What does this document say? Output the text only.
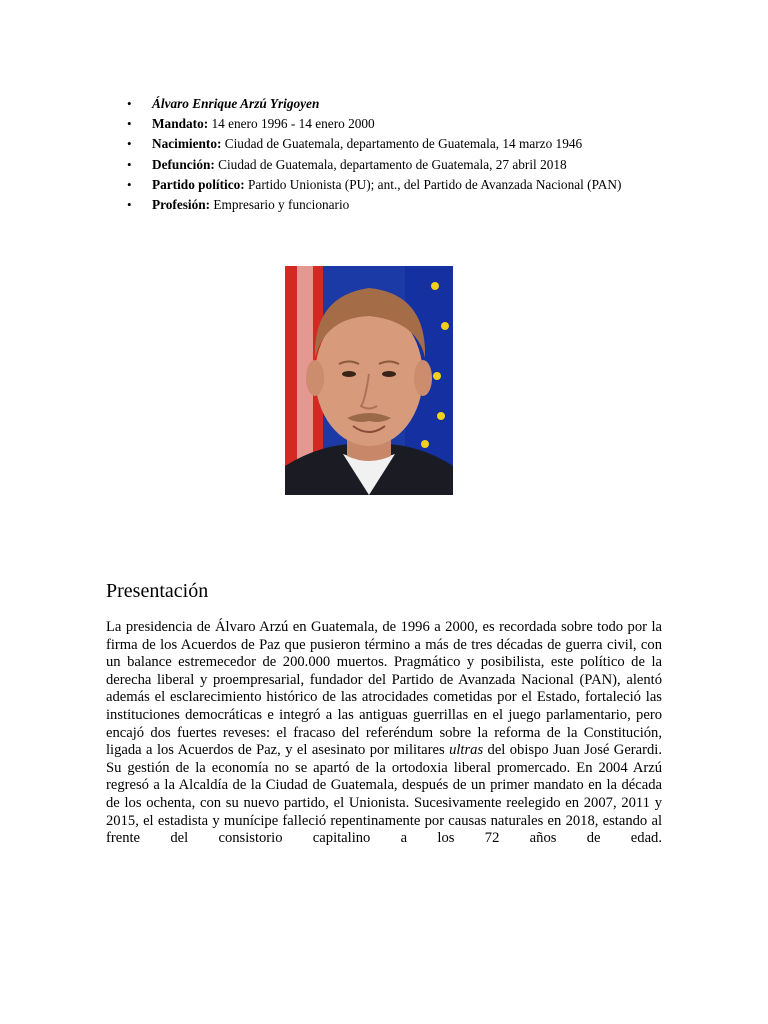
• Álvaro Enrique Arzú Yrigoyen
• Mandato: 14 enero 1996 - 14 enero 2000
• Nacimiento: Ciudad de Guatemala, departamento de Guatemala, 14 marzo 1946
• Defunción: Ciudad de Guatemala, departamento de Guatemala, 27 abril 2018
• Partido político: Partido Unionista (PU); ant., del Partido de Avanzada Nacional (PAN)
• Profesión: Empresario y funcionario
Presentación

La presidencia de Álvaro Arzú en Guatemala, de 1996 a 2000, es recordada sobre todo por la firma de los Acuerdos de Paz que pusieron término a más de tres décadas de guerra civil, con un balance estremecedor de 200.000 muertos. Pragmático y posibilista, este político de la derecha liberal y proempresarial, fundador del Partido de Avanzada Nacional (PAN), alentó además el esclarecimiento histórico de las atrocidades cometidas por el Estado, fortaleció las instituciones democráticas e integró a las antiguas guerrillas en el juego parlamentario, pero encajó dos fuertes reveses: el fracaso del referéndum sobre la reforma de la Constitución, ligada a los Acuerdos de Paz, y el asesinato por militares ultras del obispo Juan José Gerardi. Su gestión de la economía no se apartó de la ortodoxia liberal promercado. En 2004 Arzú regresó a la Alcaldía de la Ciudad de Guatemala, después de un primer mandato en la década de los ochenta, con su nuevo partido, el Unionista. Sucesivamente reelegido en 2007, 2011 y 2015, el estadista y munícipe falleció repentinamente por causas naturales en 2018, estando al frente del consistorio capitalino a los 72 años de edad.
